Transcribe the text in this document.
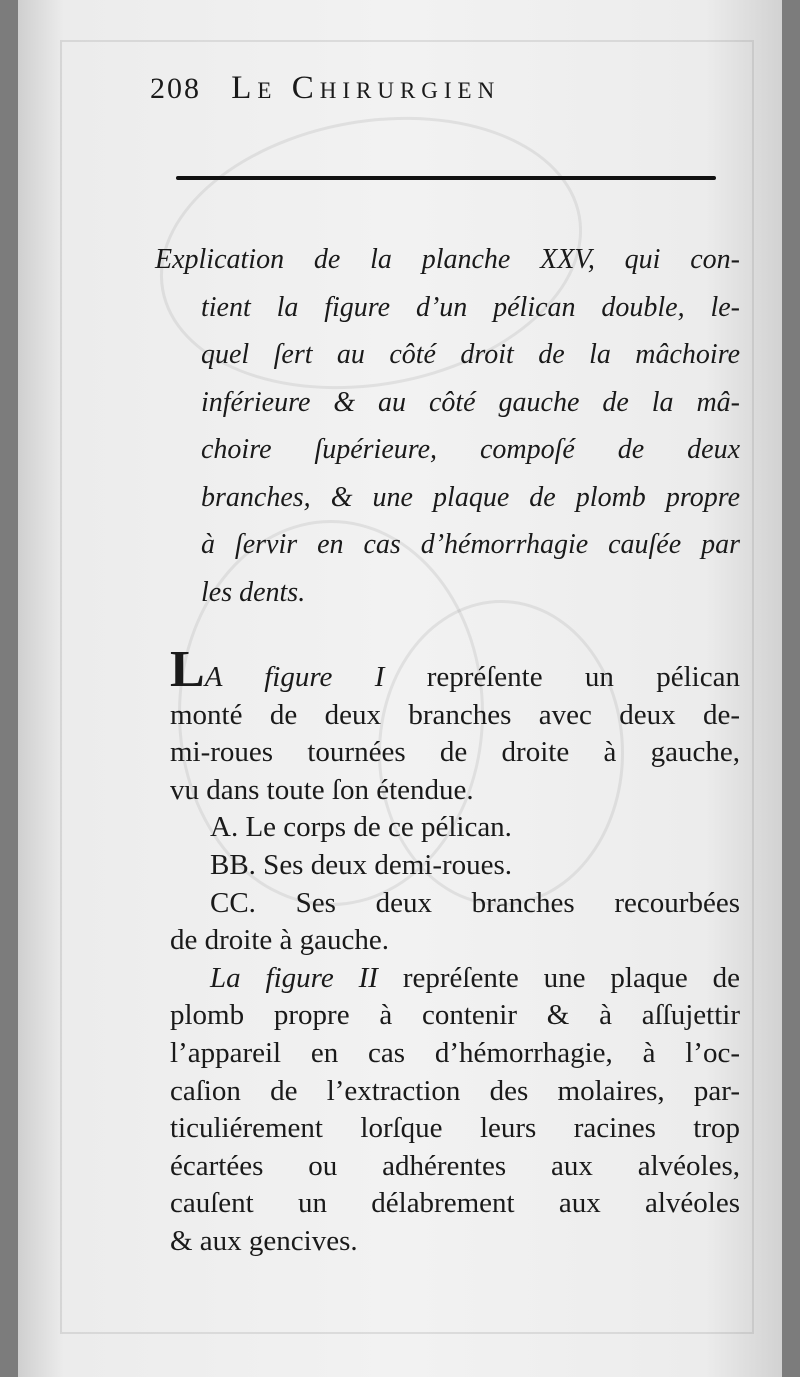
208 Le Chirurgien
Explication de la planche XXV, qui con-
tient la figure d’un pélican double, le-
quel ſert au côté droit de la mâchoire
inférieure & au côté gauche de la mâ-
choire ſupérieure, compoſé de deux
branches, & une plaque de plomb propre
à ſervir en cas d’hémorrhagie cauſée par
les dents.
LA figure I repréſente un pélican
monté de deux branches avec deux de-
mi-roues tournées de droite à gauche,
vu dans toute ſon étendue.
A. Le corps de ce pélican.
BB. Ses deux demi-roues.
CC. Ses deux branches recourbées
de droite à gauche.
La figure II repréſente une plaque de
plomb propre à contenir & à aſſujettir
l’appareil en cas d’hémorrhagie, à l’oc-
caſion de l’extraction des molaires, par-
ticuliérement lorſque leurs racines trop
écartées ou adhérentes aux alvéoles,
cauſent un délabrement aux alvéoles
& aux gencives.
